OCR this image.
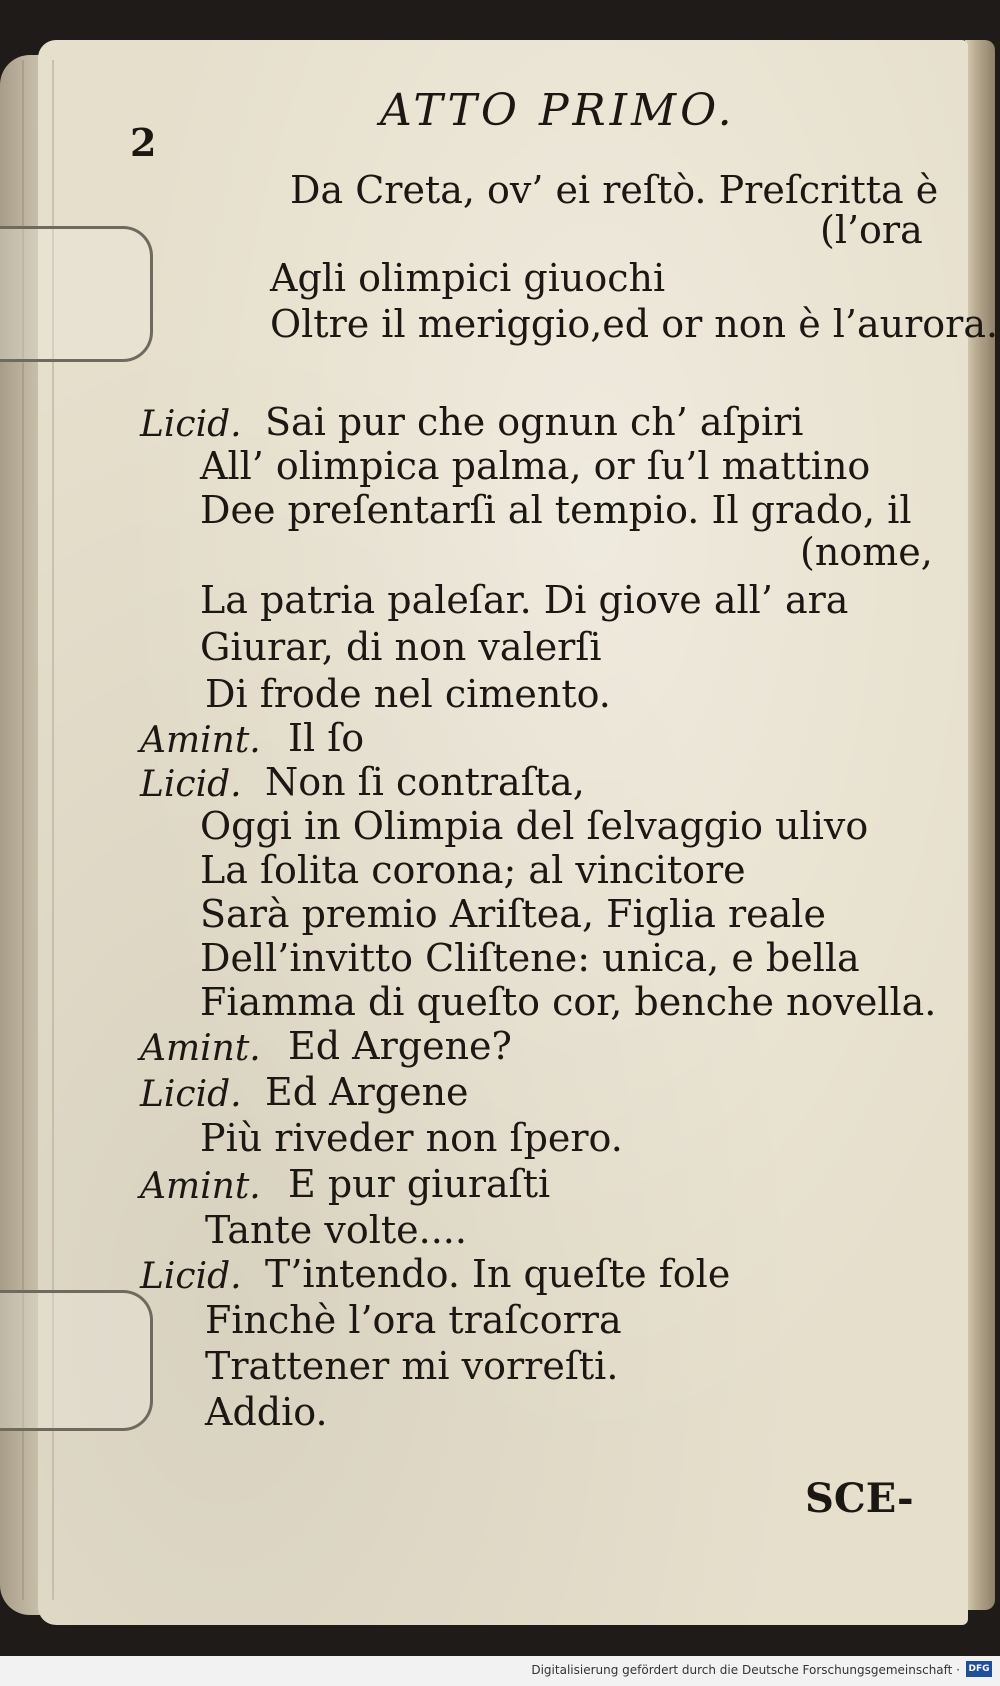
2
ATTO PRIMO.
Da Creta, ov’ ei reſtò. Preſcritta è
(l’ora
Agli olimpici giuochi
Oltre il meriggio,ed or non è l’aurora.
Licid. Sai pur che ognun ch’ aſpiri
All’ olimpica palma, or ſu’l mattino
Dee preſentarſi al tempio. Il grado, il
(nome,
La patria paleſar. Di giove all’ ara
Giurar, di non valerſi
Di frode nel cimento.
Amint. Il ſo
Licid. Non ſi contraſta,
Oggi in Olimpia del ſelvaggio ulivo
La ſolita corona; al vincitore
Sarà premio Ariſtea, Figlia reale
Dell’invitto Cliſtene: unica, e bella
Fiamma di queſto cor, benche novella.
Amint. Ed Argene?
Licid. Ed Argene
Più riveder non ſpero.
Amint. E pur giuraſti
Tante volte....
Licid. T’intendo. In queſte fole
Finchè l’ora traſcorra
Trattener mi vorreſti.
Addio.
SCE-
Digitalisierung gefördert durch die Deutsche Forschungsgemeinschaft · DFG
